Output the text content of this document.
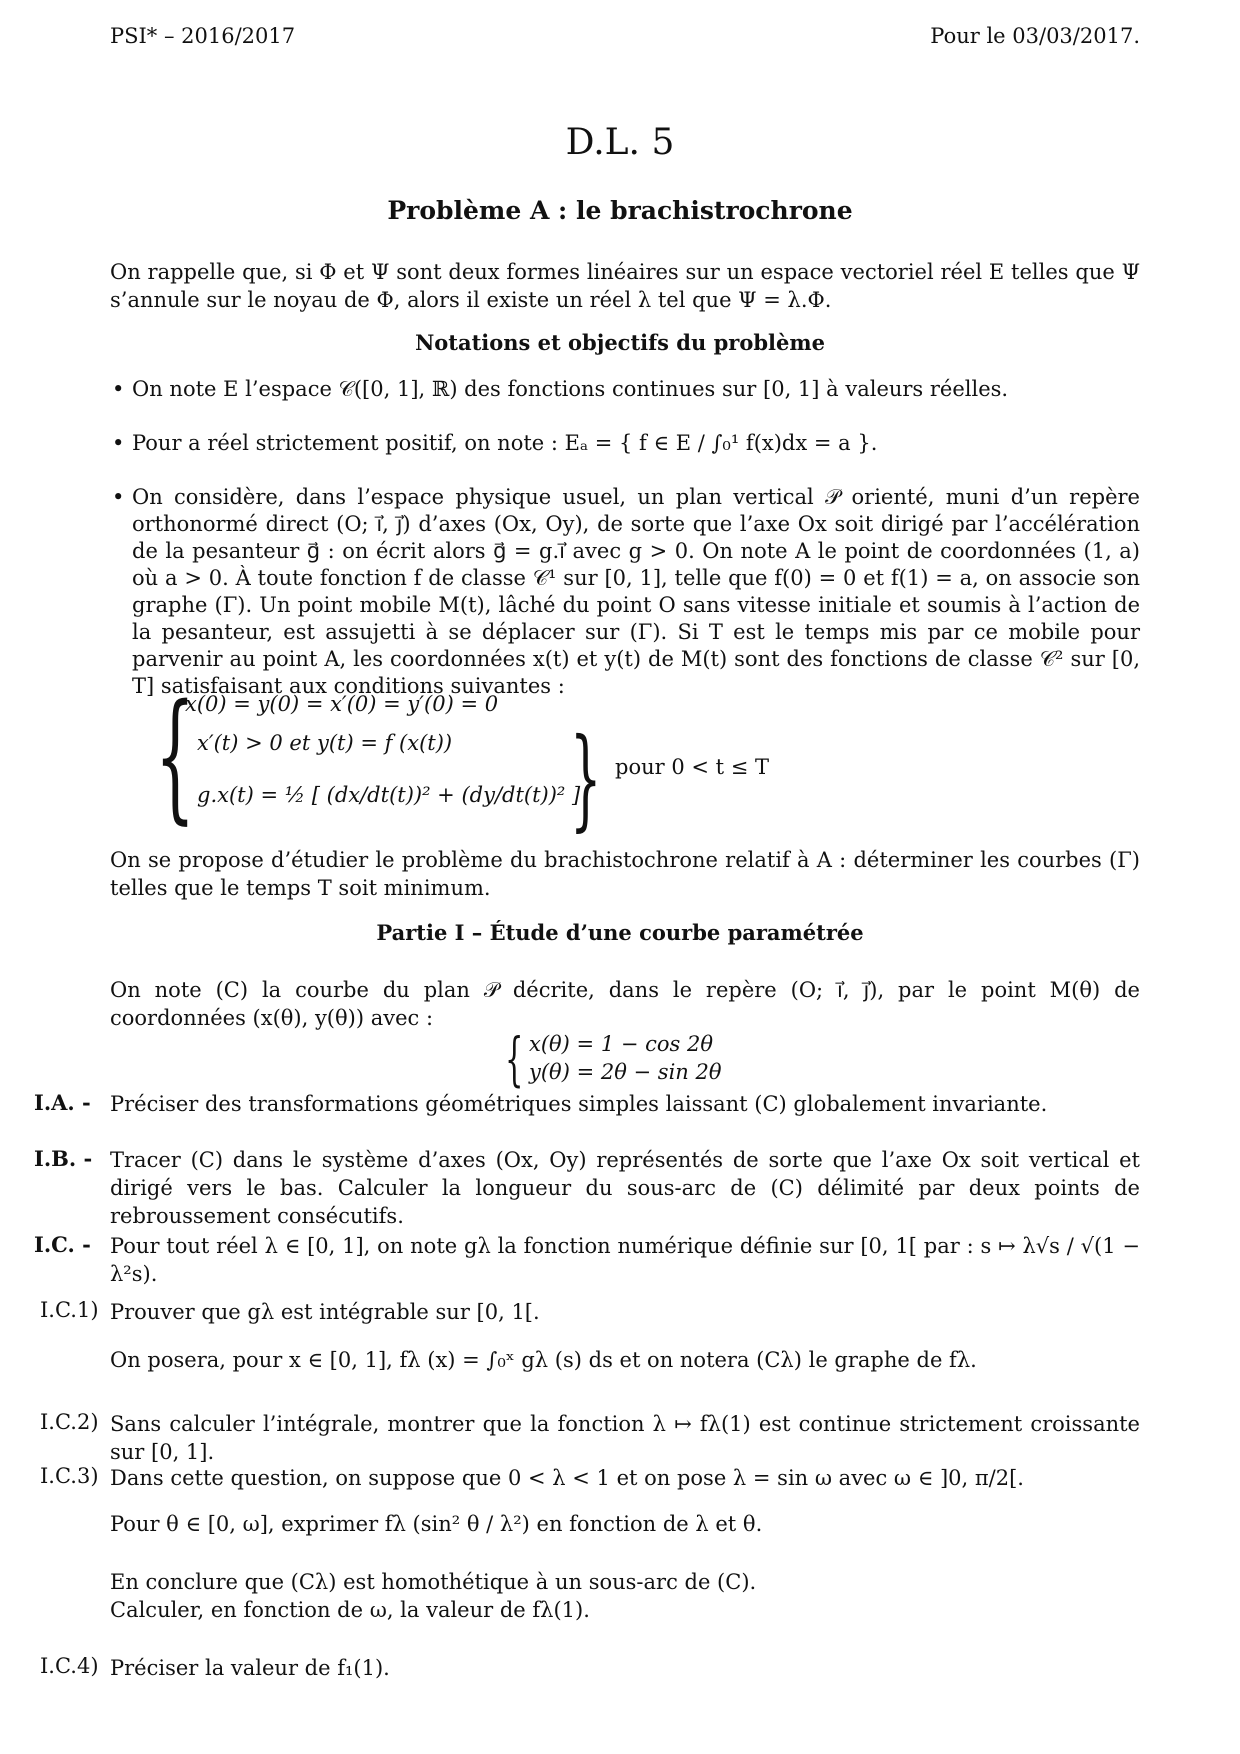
PSI* – 2016/2017	Pour le 03/03/2017.
D.L. 5
Problème A : le brachistrochrone
On rappelle que, si Φ et Ψ sont deux formes linéaires sur un espace vectoriel réel E telles que Ψ s’annule sur le noyau de Φ, alors il existe un réel λ tel que Ψ = λ.Φ.
Notations et objectifs du problème
• On note E l’espace 𝒞([0, 1], ℝ) des fonctions continues sur [0, 1] à valeurs réelles.
• Pour a réel strictement positif, on note : Eₐ = { f ∈ E / ∫₀¹ f(x)dx = a }.
• On considère, dans l’espace physique usuel, un plan vertical 𝒫 orienté, muni d’un repère orthonormé direct (O; i⃗, j⃗) d’axes (Ox, Oy), de sorte que l’axe Ox soit dirigé par l’accélération de la pesanteur g⃗ : on écrit alors g⃗ = g.i⃗ avec g > 0. On note A le point de coordonnées (1, a) où a > 0. À toute fonction f de classe 𝒞¹ sur [0, 1], telle que f(0) = 0 et f(1) = a, on associe son graphe (Γ). Un point mobile M(t), lâché du point O sans vitesse initiale et soumis à l’action de la pesanteur, est assujetti à se déplacer sur (Γ). Si T est le temps mis par ce mobile pour parvenir au point A, les coordonnées x(t) et y(t) de M(t) sont des fonctions de classe 𝒞² sur [0, T] satisfaisant aux conditions suivantes :
{
x(0) = y(0) = x′(0) = y′(0) = 0
x′(t) > 0 et y(t) = f (x(t))
g.x(t) = ½ [ (dx/dt(t))² + (dy/dt(t))² ]
} pour 0 < t ≤ T
On se propose d’étudier le problème du brachistochrone relatif à A : déterminer les courbes (Γ) telles que le temps T soit minimum.
Partie I – Étude d’une courbe paramétrée
On note (C) la courbe du plan 𝒫 décrite, dans le repère (O; i⃗, j⃗), par le point M(θ) de coordonnées (x(θ), y(θ)) avec :
{ x(θ) = 1 − cos 2θ
y(θ) = 2θ − sin 2θ
I.A. - Préciser des transformations géométriques simples laissant (C) globalement invariante.
I.B. - Tracer (C) dans le système d’axes (Ox, Oy) représentés de sorte que l’axe Ox soit vertical et dirigé vers le bas. Calculer la longueur du sous-arc de (C) délimité par deux points de rebroussement consécutifs.
I.C. - Pour tout réel λ ∈ [0, 1], on note gλ la fonction numérique définie sur [0, 1[ par : s ↦ λ√s / √(1 − λ²s).
I.C.1) Prouver que gλ est intégrable sur [0, 1[.
On posera, pour x ∈ [0, 1], fλ (x) = ∫₀ˣ gλ (s) ds et on notera (Cλ) le graphe de fλ.
I.C.2) Sans calculer l’intégrale, montrer que la fonction λ ↦ fλ(1) est continue strictement croissante sur [0, 1].
I.C.3) Dans cette question, on suppose que 0 < λ < 1 et on pose λ = sin ω avec ω ∈ ]0, π/2[.
Pour θ ∈ [0, ω], exprimer fλ (sin² θ / λ²) en fonction de λ et θ.
En conclure que (Cλ) est homothétique à un sous-arc de (C).
Calculer, en fonction de ω, la valeur de fλ(1).
I.C.4) Préciser la valeur de f₁(1).
